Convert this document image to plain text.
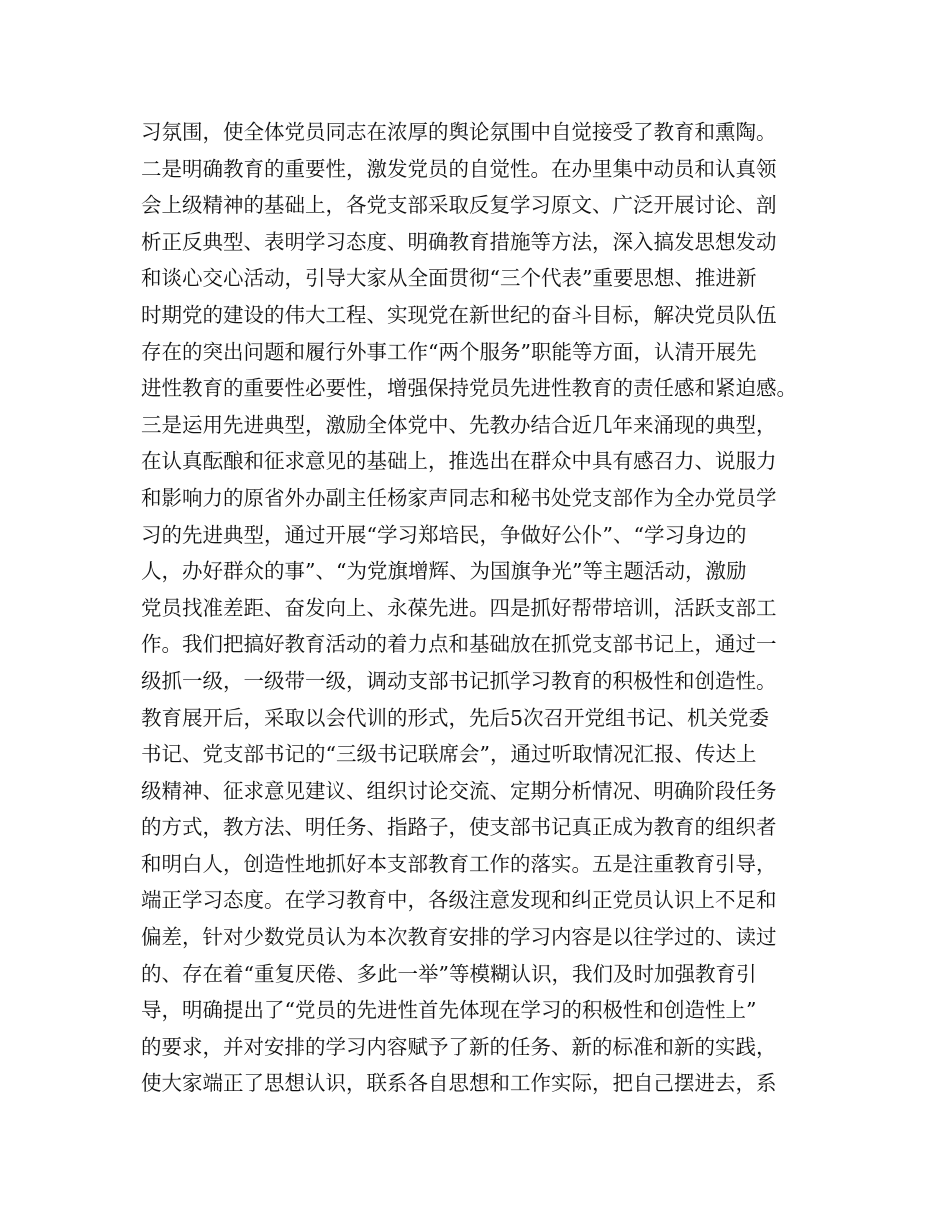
习氛围，使全体党员同志在浓厚的舆论氛围中自觉接受了教育和熏陶。
二是明确教育的重要性，激发党员的自觉性。在办里集中动员和认真领
会上级精神的基础上，各党支部采取反复学习原文、广泛开展讨论、剖
析正反典型、表明学习态度、明确教育措施等方法，深入搞发思想发动
和谈心交心活动，引导大家从全面贯彻“三个代表”重要思想、推进新
时期党的建设的伟大工程、实现党在新世纪的奋斗目标，解决党员队伍
存在的突出问题和履行外事工作“两个服务”职能等方面，认清开展先
进性教育的重要性必要性，增强保持党员先进性教育的责任感和紧迫感。
三是运用先进典型，激励全体党中、先教办结合近几年来涌现的典型，
在认真酝酿和征求意见的基础上，推选出在群众中具有感召力、说服力
和影响力的原省外办副主任杨家声同志和秘书处党支部作为全办党员学
习的先进典型，通过开展“学习郑培民，争做好公仆”、“学习身边的
人，办好群众的事”、“为党旗增辉、为国旗争光”等主题活动，激励
党员找准差距、奋发向上、永葆先进。四是抓好帮带培训，活跃支部工
作。我们把搞好教育活动的着力点和基础放在抓党支部书记上，通过一
级抓一级，一级带一级，调动支部书记抓学习教育的积极性和创造性。
教育展开后，采取以会代训的形式，先后5次召开党组书记、机关党委
书记、党支部书记的“三级书记联席会”，通过听取情况汇报、传达上
级精神、征求意见建议、组织讨论交流、定期分析情况、明确阶段任务
的方式，教方法、明任务、指路子，使支部书记真正成为教育的组织者
和明白人，创造性地抓好本支部教育工作的落实。五是注重教育引导，
端正学习态度。在学习教育中，各级注意发现和纠正党员认识上不足和
偏差，针对少数党员认为本次教育安排的学习内容是以往学过的、读过
的、存在着“重复厌倦、多此一举”等模糊认识，我们及时加强教育引
导，明确提出了“党员的先进性首先体现在学习的积极性和创造性上”
的要求，并对安排的学习内容赋予了新的任务、新的标准和新的实践，
使大家端正了思想认识，联系各自思想和工作实际，把自己摆进去，系
